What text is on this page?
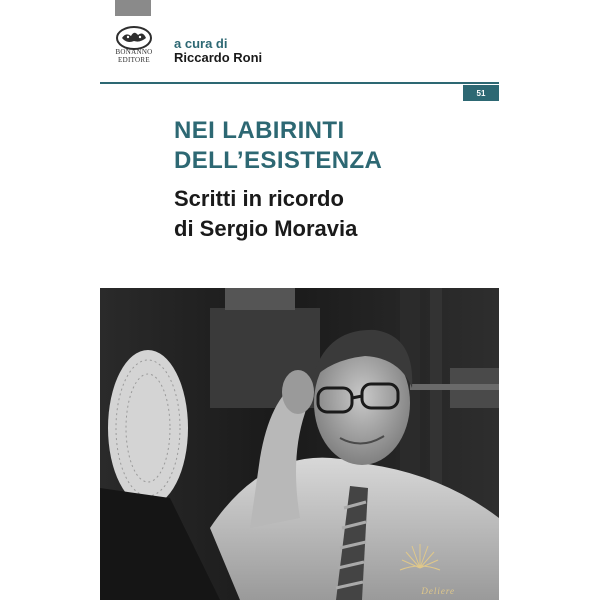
BONANNO
EDITORE
a cura di
Riccardo Roni
51
NEI LABIRINTI
DELL’ESISTENZA
Scritti in ricordo
di Sergio Moravia
Deliere
